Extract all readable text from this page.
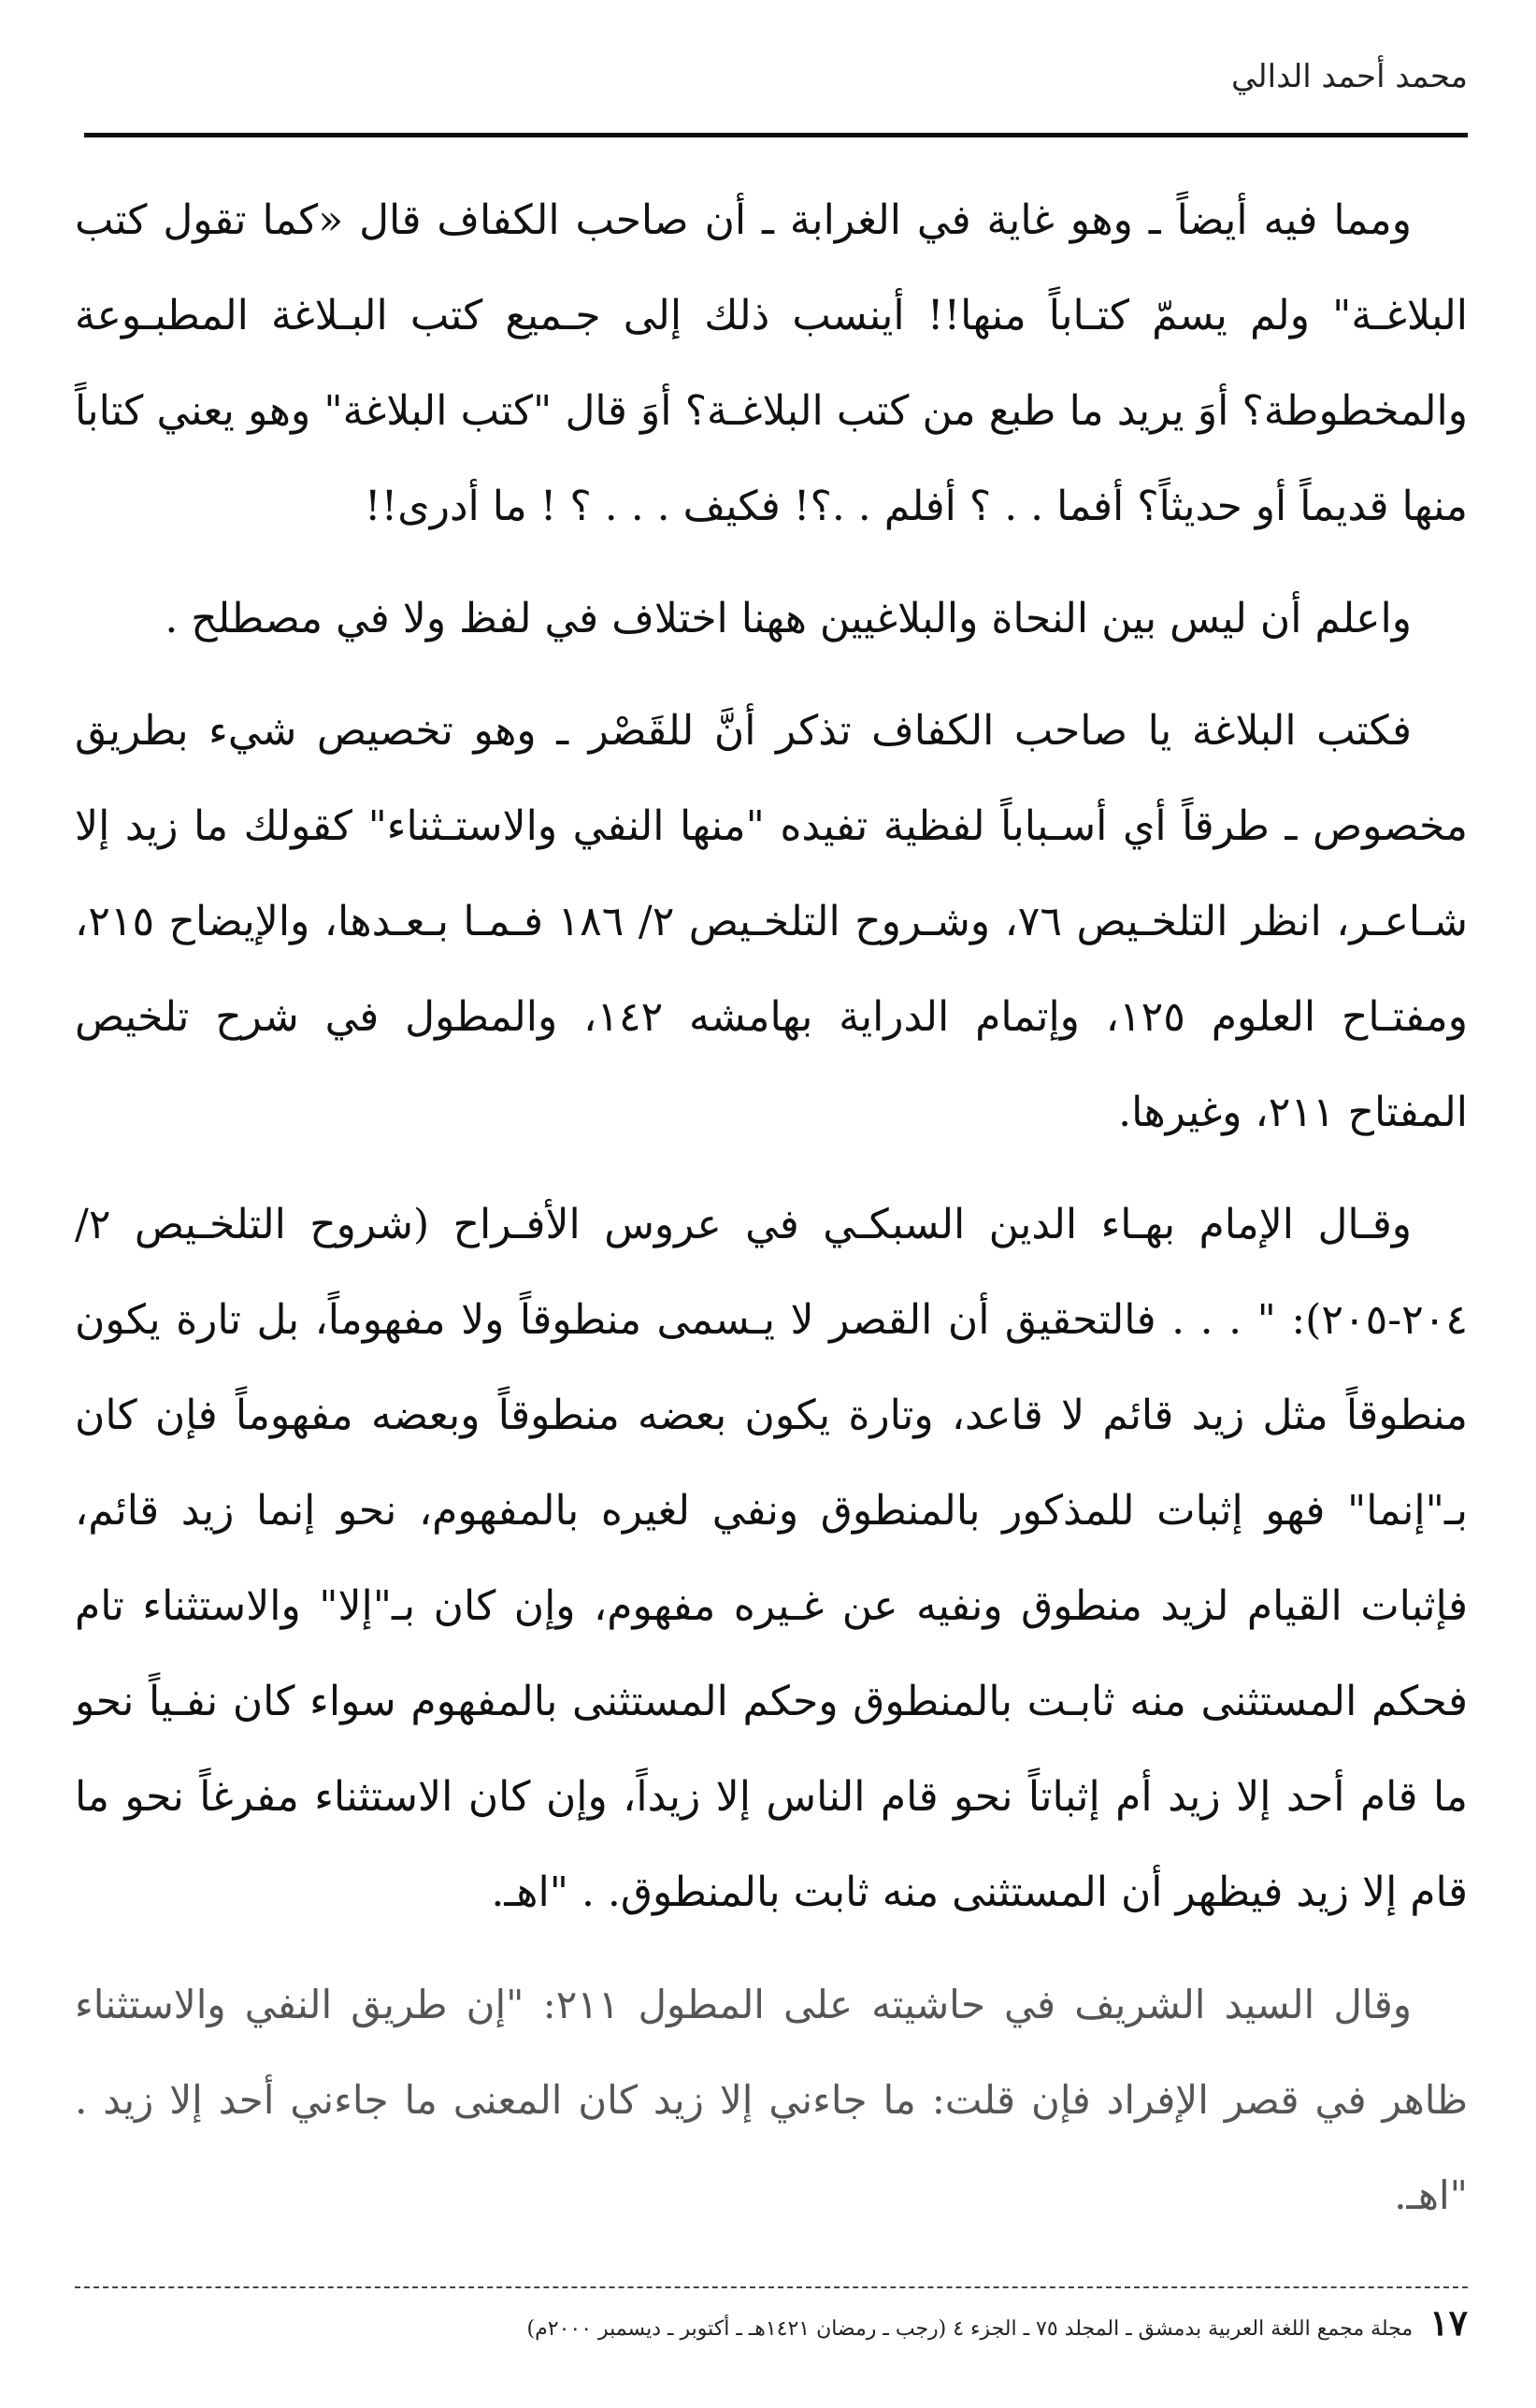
محمد أحمد الدالي

ومما فيه أيضاً ـ وهو غاية في الغرابة ـ أن صاحب الكفاف قال «كما تقول كتب البلاغـة" ولم يسمّ كتـاباً منها!! أينسب ذلك إلى جـميع كتب البـلاغة المطبـوعة والمخطوطة؟ أوَ يريد ما طبع من كتب البلاغـة؟ أوَ قال "كتب البلاغة" وهو يعني كتاباً منها قديماً أو حديثاً؟ أفما . . ؟ أفلم . .؟! فكيف . . . ؟ ! ما أدرى!!

واعلم أن ليس بين النحاة والبلاغيين ههنا اختلاف في لفظ ولا في مصطلح .

فكتب البلاغة يا صاحب الكفاف تذكر أنَّ للقَصْر ـ وهو تخصيص شيء بطريق مخصوص ـ طرقاً أي أسـباباً لفظية تفيده "منها النفي والاستـثناء" كقولك ما زيد إلا شـاعـر، انظر التلخـيص ٧٦، وشـروح التلخـيص ٢/ ١٨٦ فـمـا بـعـدها، والإيضاح ٢١٥، ومفتـاح العلوم ١٢٥، وإتمام الدراية بهامشه ١٤٢، والمطول في شرح تلخيص المفتاح ٢١١، وغيرها.

وقـال الإمام بهـاء الدين السبكـي في عروس الأفـراح (شروح التلخـيص ٢/ ٢٠٤-٢٠٥): " . . . فالتحقيق أن القصر لا يـسمى منطوقاً ولا مفهوماً، بل تارة يكون منطوقاً مثل زيد قائم لا قاعد، وتارة يكون بعضه منطوقاً وبعضه مفهوماً فإن كان بـ"إنما" فهو إثبات للمذكور بالمنطوق ونفي لغيره بالمفهوم، نحو إنما زيد قائم، فإثبات القيام لزيد منطوق ونفيه عن غـيره مفهوم، وإن كان بـ"إلا" والاستثناء تام فحكم المستثنى منه ثابـت بالمنطوق وحكم المستثنى بالمفهوم سواء كان نفـياً نحو ما قام أحد إلا زيد أم إثباتاً نحو قام الناس إلا زيداً، وإن كان الاستثناء مفرغاً نحو ما قام إلا زيد فيظهر أن المستثنى منه ثابت بالمنطوق. . "اهـ.

وقال السيد الشريف في حاشيته على المطول ٢١١: "إن طريق النفي والاستثناء ظاهر في قصر الإفراد فإن قلت: ما جاءني إلا زيد كان المعنى ما جاءني أحد إلا زيد . "اهـ.

١٧
مجلة مجمع اللغة العربية بدمشق ـ المجلد ٧٥ ـ الجزء ٤ (رجب ـ رمضان ١٤٢١هـ ـ أكتوبر ـ ديسمبر ٢٠٠٠م)
